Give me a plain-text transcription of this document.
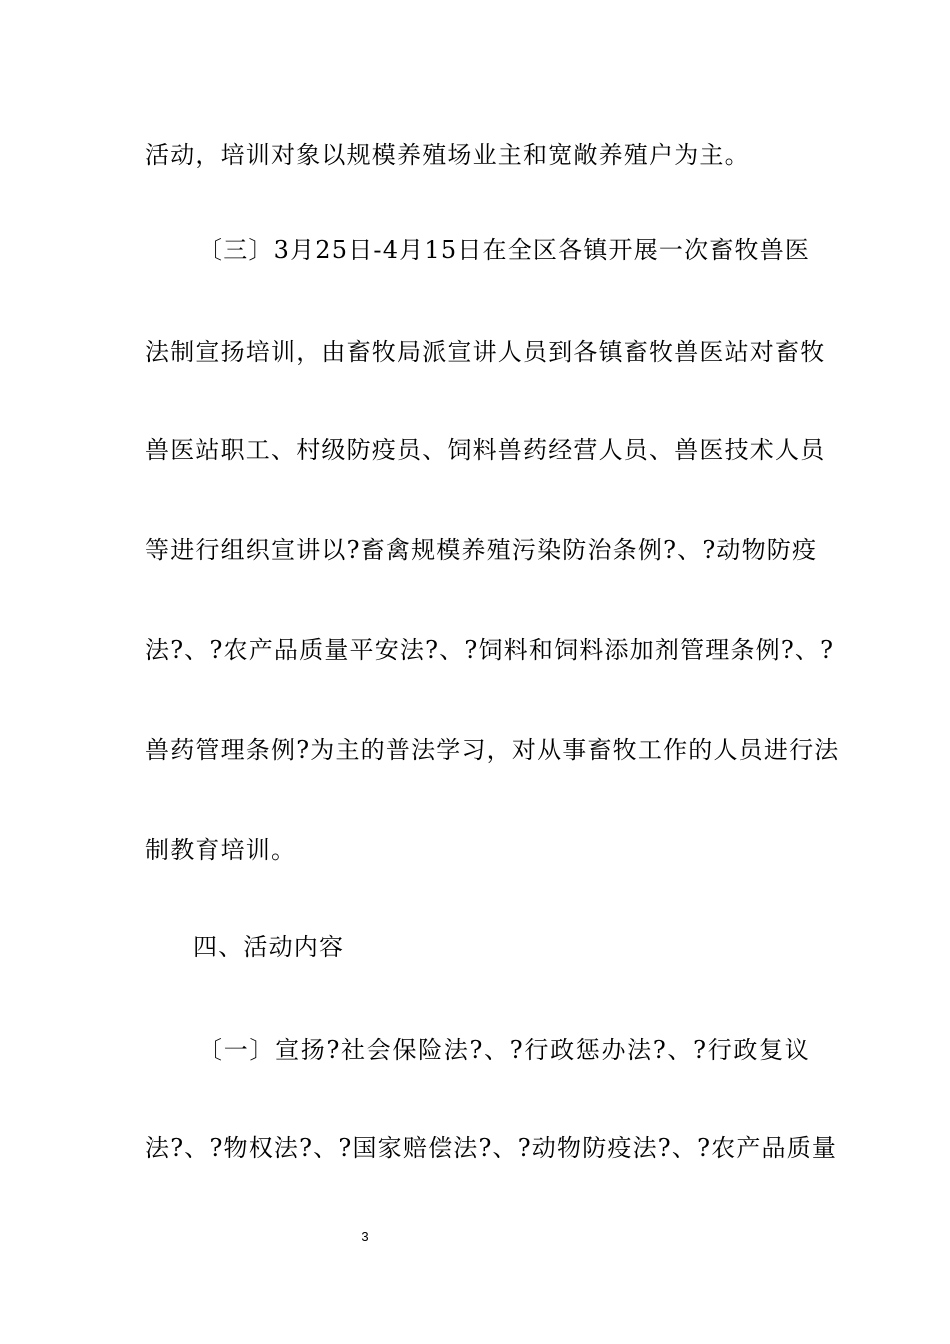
活动，培训对象以规模养殖场业主和宽敞养殖户为主。
〔三〕3月25日-4月15日在全区各镇开展一次畜牧兽医
法制宣扬培训，由畜牧局派宣讲人员到各镇畜牧兽医站对畜牧
兽医站职工、村级防疫员、饲料兽药经营人员、兽医技术人员
等进行组织宣讲以?畜禽规模养殖污染防治条例?、?动物防疫
法?、?农产品质量平安法?、?饲料和饲料添加剂管理条例?、?
兽药管理条例?为主的普法学习，对从事畜牧工作的人员进行法
制教育培训。
四、活动内容
〔一〕宣扬?社会保险法?、?行政惩办法?、?行政复议
法?、?物权法?、?国家赔偿法?、?动物防疫法?、?农产品质量
3
